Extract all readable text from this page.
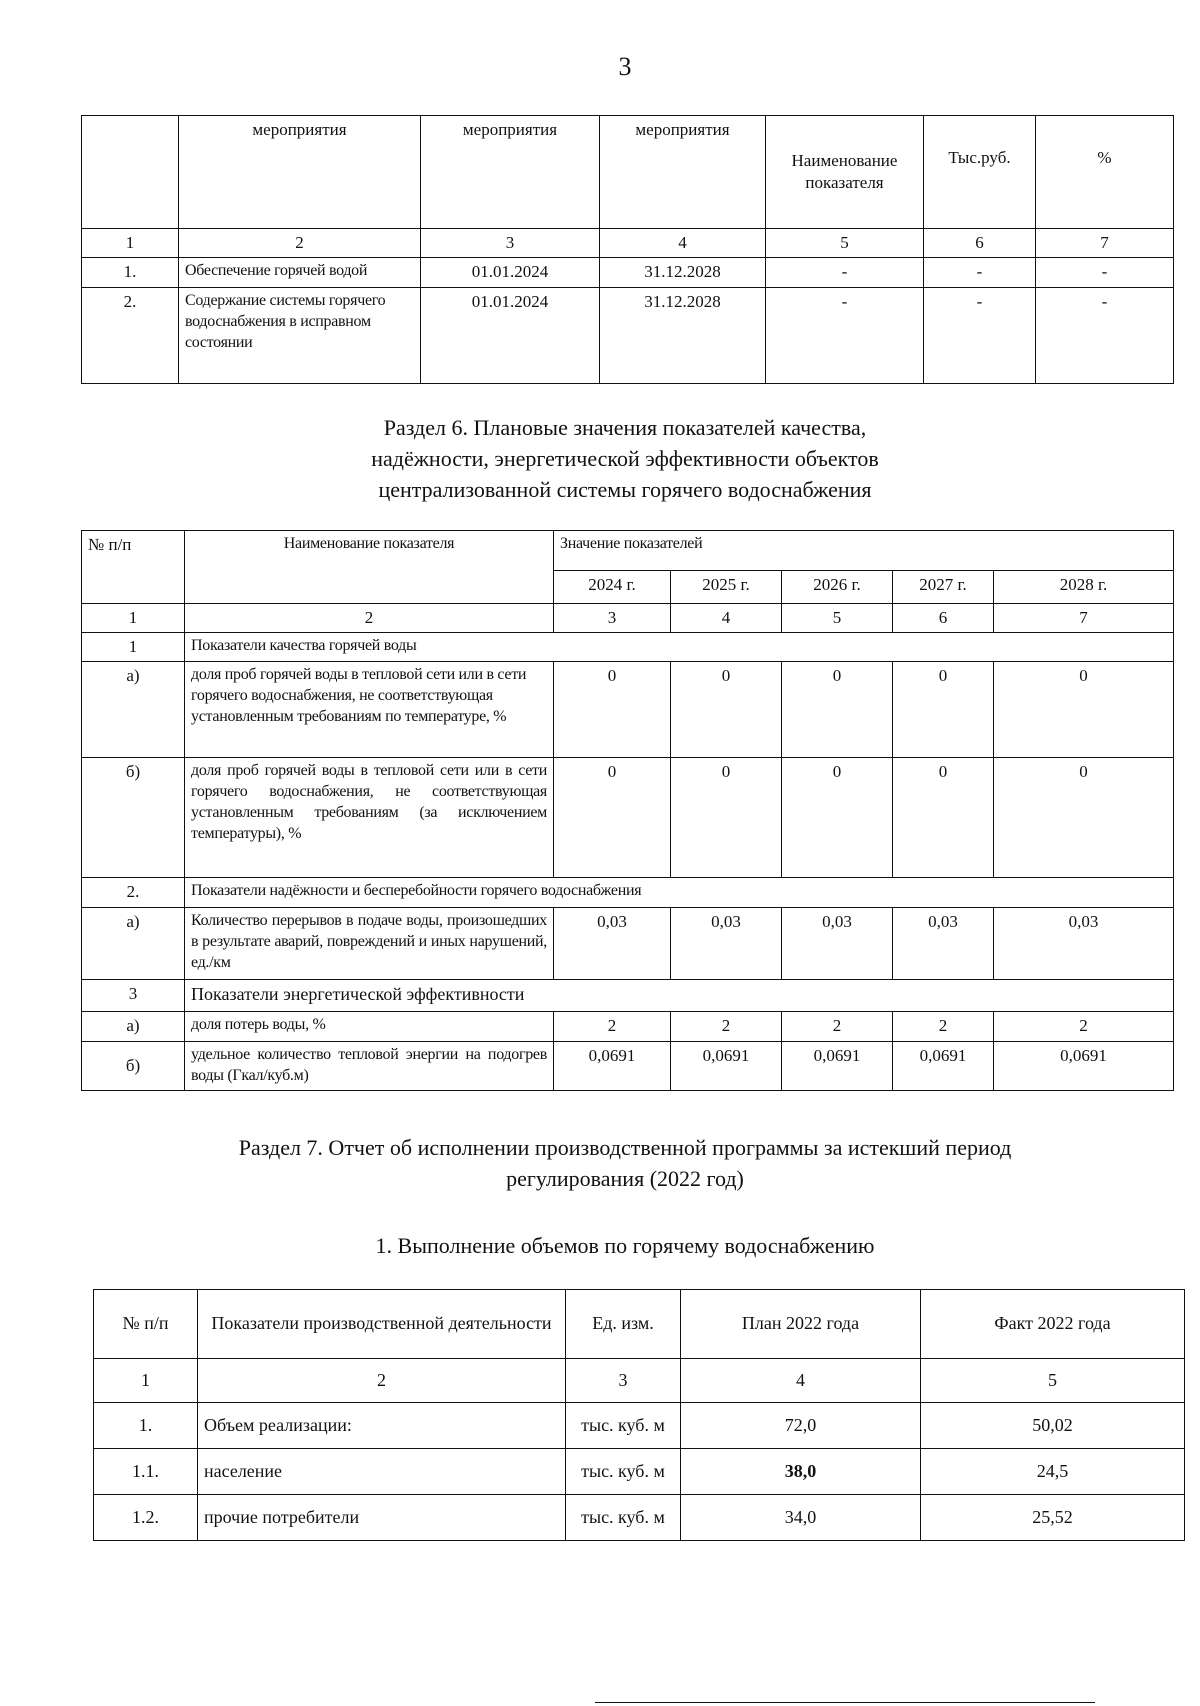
3
	мероприятия	мероприятия	мероприятия	Наименование показателя	Тыс.руб.	%
1	2	3	4	5	6	7
1.	Обеспечение горячей водой	01.01.2024	31.12.2028	-	-	-
2.	Содержание системы горячего водоснабжения в исправном состоянии	01.01.2024	31.12.2028	-	-	-
Раздел 6. Плановые значения показателей качества,
надёжности, энергетической эффективности объектов
централизованной системы горячего водоснабжения
№ п/п	Наименование показателя	Значение показателей				
		2024 г.	2025 г.	2026 г.	2027 г.	2028 г.
1	2	3	4	5	6	7
1	Показатели качества горячей воды					
а)	доля проб горячей воды в тепловой сети или в сети горячего водоснабжения, не соответствующая установленным требованиям по температуре, %	0	0	0	0	0
б)	доля проб горячей воды в тепловой сети или в сети горячего водоснабжения, не соответствующая установленным требованиям (за исключением температуры), %	0	0	0	0	0
2.	Показатели надёжности и бесперебойности горячего водоснабжения					
а)	Количество перерывов в подаче воды, произошедших в результате аварий, повреждений и иных нарушений, ед./км	0,03	0,03	0,03	0,03	0,03
3	Показатели энергетической эффективности					
а)	доля потерь воды, %	2	2	2	2	2
б)	удельное количество тепловой энергии на подогрев воды (Гкал/куб.м)	0,0691	0,0691	0,0691	0,0691	0,0691
Раздел 7. Отчет об исполнении производственной программы за истекший период
регулирования (2022 год)
1. Выполнение объемов по горячему водоснабжению
№ п/п	Показатели производственной деятельности	Ед. изм.	План 2022 года	Факт 2022 года
1	2	3	4	5
1.	Объем реализации:	тыс. куб. м	72,0	50,02
1.1.	население	тыс. куб. м	38,0	24,5
1.2.	прочие потребители	тыс. куб. м	34,0	25,52
